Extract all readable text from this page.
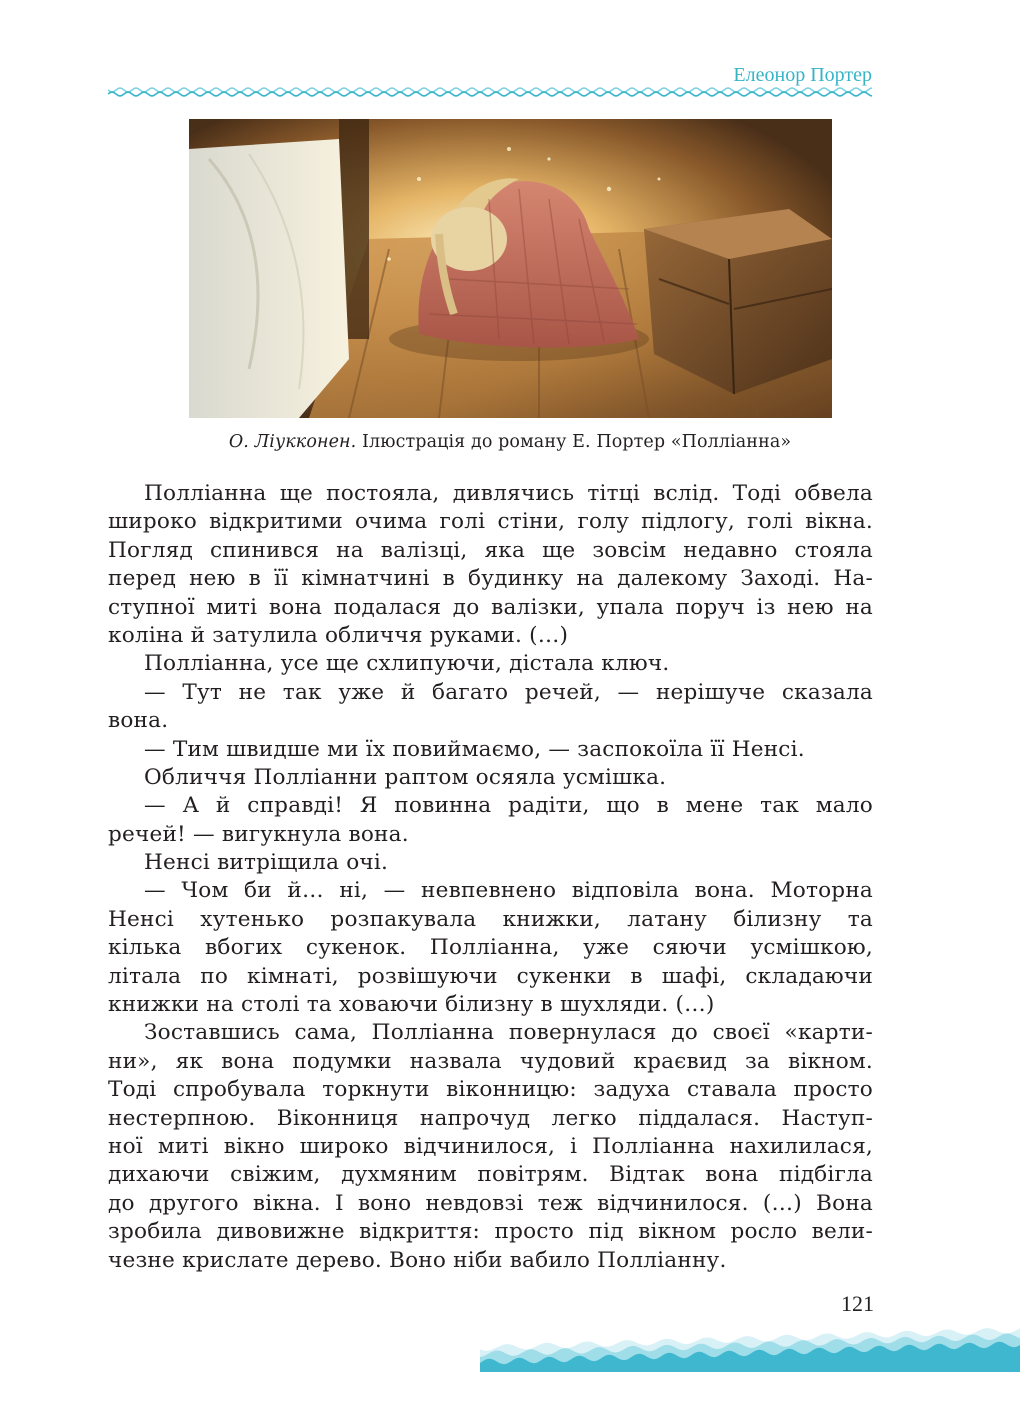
Елеонор Портер
О. Ліукконен. Ілюстрація до роману Е. Портер «Полліанна»
Полліанна ще постояла, дивлячись тітці вслід. Тоді обвела
широко відкритими очима голі стіни, голу підлогу, голі вікна.
Погляд спинився на валізці, яка ще зовсім недавно стояла
перед нею в її кімнатчині в будинку на далекому Заході. На-
ступної миті вона подалася до валізки, упала поруч із нею на
коліна й затулила обличчя руками. (…)
Полліанна, усе ще схлипуючи, дістала ключ.
— Тут не так уже й багато речей, — нерішуче сказала
вона.
— Тим швидше ми їх повиймаємо, — заспокоїла її Ненсі.
Обличчя Полліанни раптом осяяла усмішка.
— А й справді! Я повинна радіти, що в мене так мало
речей! — вигукнула вона.
Ненсі витріщила очі.
— Чом би й… ні, — невпевнено відповіла вона. Моторна
Ненсі хутенько розпакувала книжки, латану білизну та
кілька вбогих сукенок. Полліанна, уже сяючи усмішкою,
літала по кімнаті, розвішуючи сукенки в шафі, складаючи
книжки на столі та ховаючи білизну в шухляди. (…)
Зоставшись сама, Полліанна повернулася до своєї «карти-
ни», як вона подумки назвала чудовий краєвид за вікном.
Тоді спробувала торкнути віконницю: задуха ставала просто
нестерпною. Віконниця напрочуд легко піддалася. Наступ-
ної миті вікно широко відчинилося, і Полліанна нахилилася,
дихаючи свіжим, духмяним повітрям. Відтак вона підбігла
до другого вікна. І воно невдовзі теж відчинилося. (…) Вона
зробила дивовижне відкриття: просто під вікном росло вели-
чезне крислате дерево. Воно ніби вабило Полліанну.
121
